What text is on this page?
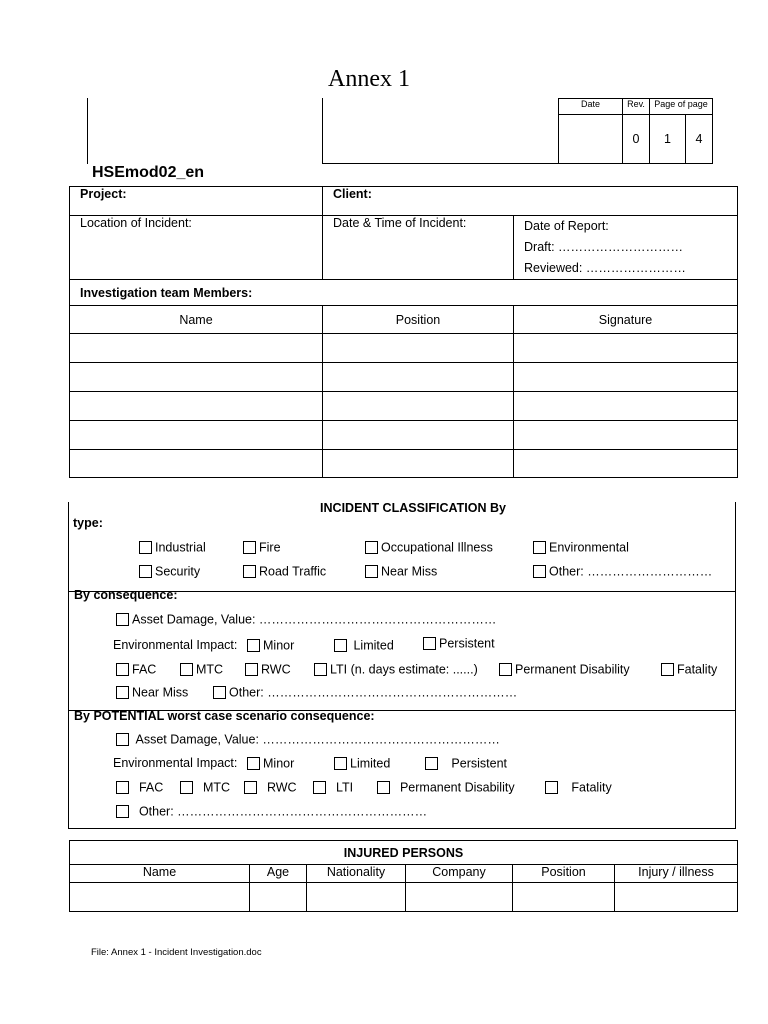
Annex 1
Date	Rev.	Page of page	
	0	1	4
HSEmod02_en
Project:	Client:	
Location of Incident:	Date & Time of Incident:	Date of Report:
Draft: …………………………
Reviewed: ……………………

Investigation team Members:		
Name	Position	Signature

INCIDENT CLASSIFICATION By
type:
Industrial	Fire	Occupational Illness	Environmental
Security	Road Traffic	Near Miss	Other: …………………………
By consequence:
Asset Damage, Value: …………………………………………………
Environmental Impact:	Minor	Limited	Persistent
FAC	MTC	RWC	LTI (n. days estimate: ......)	Permanent Disability	Fatality
Near Miss	Other: ……………………………………………………
By POTENTIAL worst case scenario consequence:
Asset Damage, Value: …………………………………………………
Environmental Impact:	Minor	Limited	Persistent
FAC	MTC	RWC	LTI	Permanent Disability	Fatality
Other: ……………………………………………………
INJURED PERSONS					
Name	Age	Nationality	Company	Position	Injury / illness

File: Annex 1 - Incident Investigation.doc
